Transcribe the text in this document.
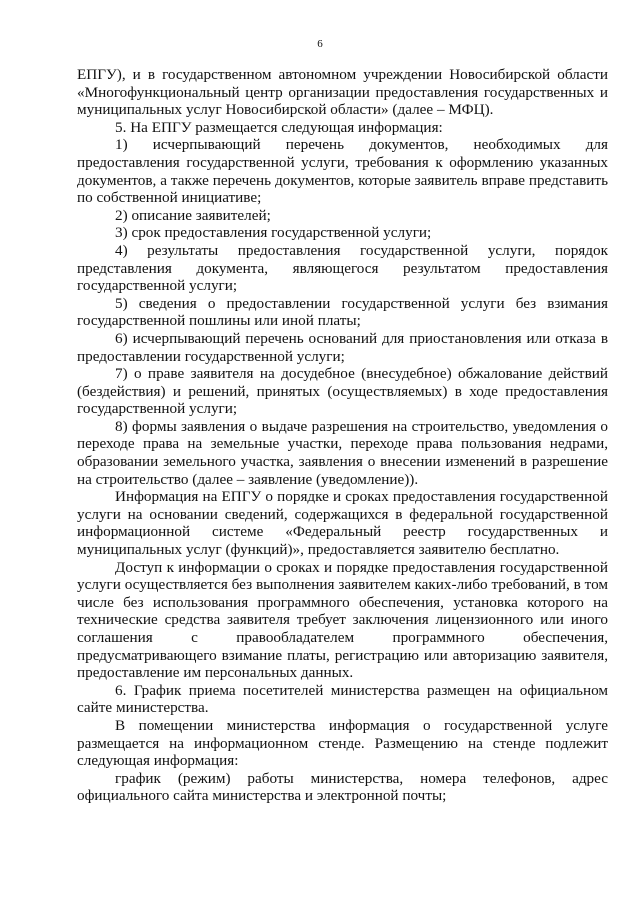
6

ЕПГУ), и в государственном автономном учреждении Новосибирской области «Многофункциональный центр организации предоставления государственных и муниципальных услуг Новосибирской области» (далее – МФЦ).

5. На ЕПГУ размещается следующая информация:

1) исчерпывающий перечень документов, необходимых для предоставления государственной услуги, требования к оформлению указанных документов, а также перечень документов, которые заявитель вправе представить по собственной инициативе;

2) описание заявителей;

3) срок предоставления государственной услуги;

4) результаты предоставления государственной услуги, порядок представления документа, являющегося результатом предоставления государственной услуги;

5) сведения о предоставлении государственной услуги без взимания государственной пошлины или иной платы;

6) исчерпывающий перечень оснований для приостановления или отказа в предоставлении государственной услуги;

7) о праве заявителя на досудебное (внесудебное) обжалование действий (бездействия) и решений, принятых (осуществляемых) в ходе предоставления государственной услуги;

8) формы заявления о выдаче разрешения на строительство, уведомления о переходе права на земельные участки, переходе права пользования недрами, образовании земельного участка, заявления о внесении изменений в разрешение на строительство (далее – заявление (уведомление)).

Информация на ЕПГУ о порядке и сроках предоставления государственной услуги на основании сведений, содержащихся в федеральной государственной информационной системе «Федеральный реестр государственных и муниципальных услуг (функций)», предоставляется заявителю бесплатно.

Доступ к информации о сроках и порядке предоставления государственной услуги осуществляется без выполнения заявителем каких-либо требований, в том числе без использования программного обеспечения, установка которого на технические средства заявителя требует заключения лицензионного или иного соглашения с правообладателем программного обеспечения, предусматривающего взимание платы, регистрацию или авторизацию заявителя, предоставление им персональных данных.

6. График приема посетителей министерства размещен на официальном сайте министерства.

В помещении министерства информация о государственной услуге размещается на информационном стенде. Размещению на стенде подлежит следующая информация:

график (режим) работы министерства, номера телефонов, адрес официального сайта министерства и электронной почты;
